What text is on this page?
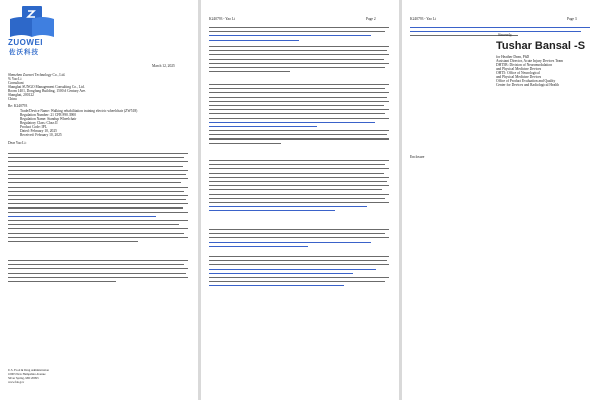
ZUOWEI
佐沃科技
March 12, 2025
Shenzhen Zuowei Technology Co., Ltd.
% Yao Li
Consultant
Shanghai SUNGO Management Consulting Co., Ltd.
Room 1401, Dongfang Building, 1500 # Century Ave.
Shanghai, 200122
China
Re: K240793
Trade/Device Name: Walking rehabilitation training electric wheelchair (ZW518)
Regulation Number: 21 CFR 890.3900
Regulation Name: Standup Wheelchair
Regulatory Class: Class II
Product Code: IPL
Dated: February 10, 2025
Received: February 10, 2025
Dear Yao Li:
U.S. Food & Drug Administration
10903 New Hampshire Avenue
Silver Spring, MD 20993
www.fda.gov
K240793 - Yao Li	Page 2	K240793 - Yao Li	Page 3
Sincerely,
Tushar Bansal -S
for Heather Dean, PhD
Assistant Director, Acute Injury Devices Team
DHT5B: Division of Neuromodulation
and Physical Medicine Devices
OHT5: Office of Neurological
and Physical Medicine Devices
Office of Product Evaluation and Quality
Center for Devices and Radiological Health
Enclosure
